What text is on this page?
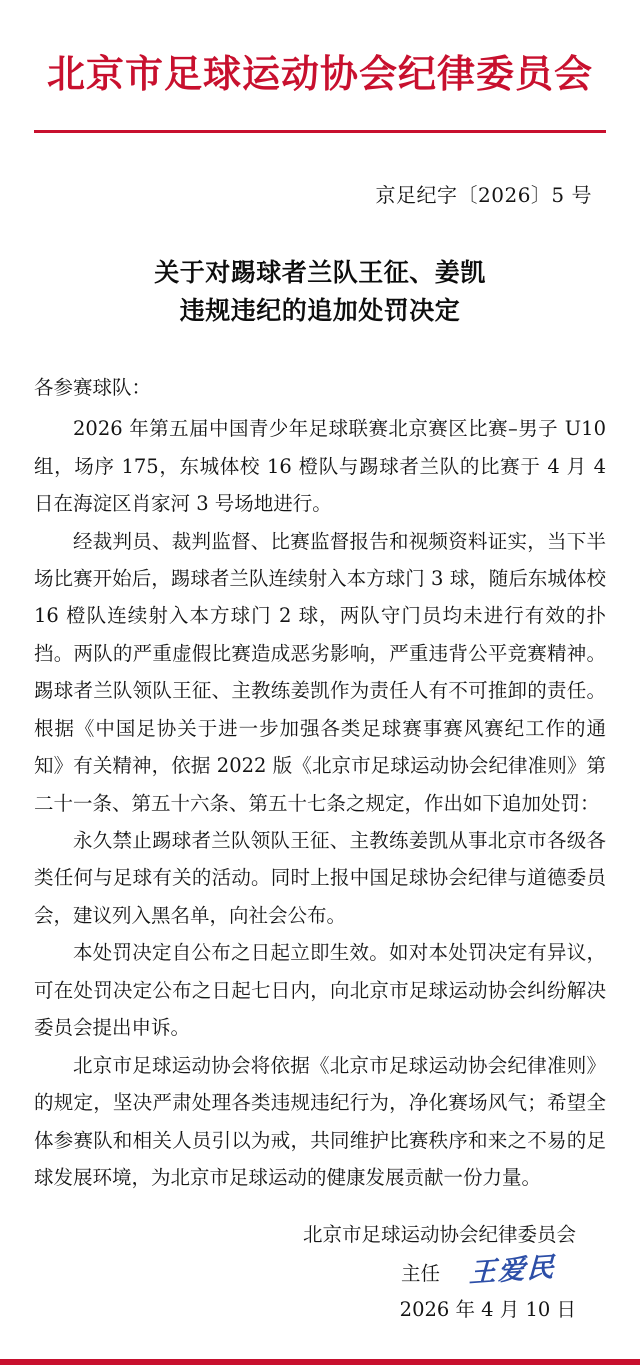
北京市足球运动协会纪律委员会
京足纪字〔2026〕5 号
关于对踢球者兰队王征、姜凯
违规违纪的追加处罚决定
各参赛球队：

2026 年第五届中国青少年足球联赛北京赛区比赛–男子 U10 组，场序 175，东城体校 16 橙队与踢球者兰队的比赛于 4 月 4 日在海淀区肖家河 3 号场地进行。

经裁判员、裁判监督、比赛监督报告和视频资料证实，当下半场比赛开始后，踢球者兰队连续射入本方球门 3 球，随后东城体校 16 橙队连续射入本方球门 2 球，两队守门员均未进行有效的扑挡。两队的严重虚假比赛造成恶劣影响，严重违背公平竞赛精神。踢球者兰队领队王征、主教练姜凯作为责任人有不可推卸的责任。根据《中国足协关于进一步加强各类足球赛事赛风赛纪工作的通知》有关精神，依据 2022 版《北京市足球运动协会纪律准则》第二十一条、第五十六条、第五十七条之规定，作出如下追加处罚：

永久禁止踢球者兰队领队王征、主教练姜凯从事北京市各级各类任何与足球有关的活动。同时上报中国足球协会纪律与道德委员会，建议列入黑名单，向社会公布。

本处罚决定自公布之日起立即生效。如对本处罚决定有异议，可在处罚决定公布之日起七日内，向北京市足球运动协会纠纷解决委员会提出申诉。

北京市足球运动协会将依据《北京市足球运动协会纪律准则》的规定，坚决严肃处理各类违规违纪行为，净化赛场风气；希望全体参赛队和相关人员引以为戒，共同维护比赛秩序和来之不易的足球发展环境，为北京市足球运动的健康发展贡献一份力量。

北京市足球运动协会纪律委员会
主任 王爱民
2026 年 4 月 10 日
